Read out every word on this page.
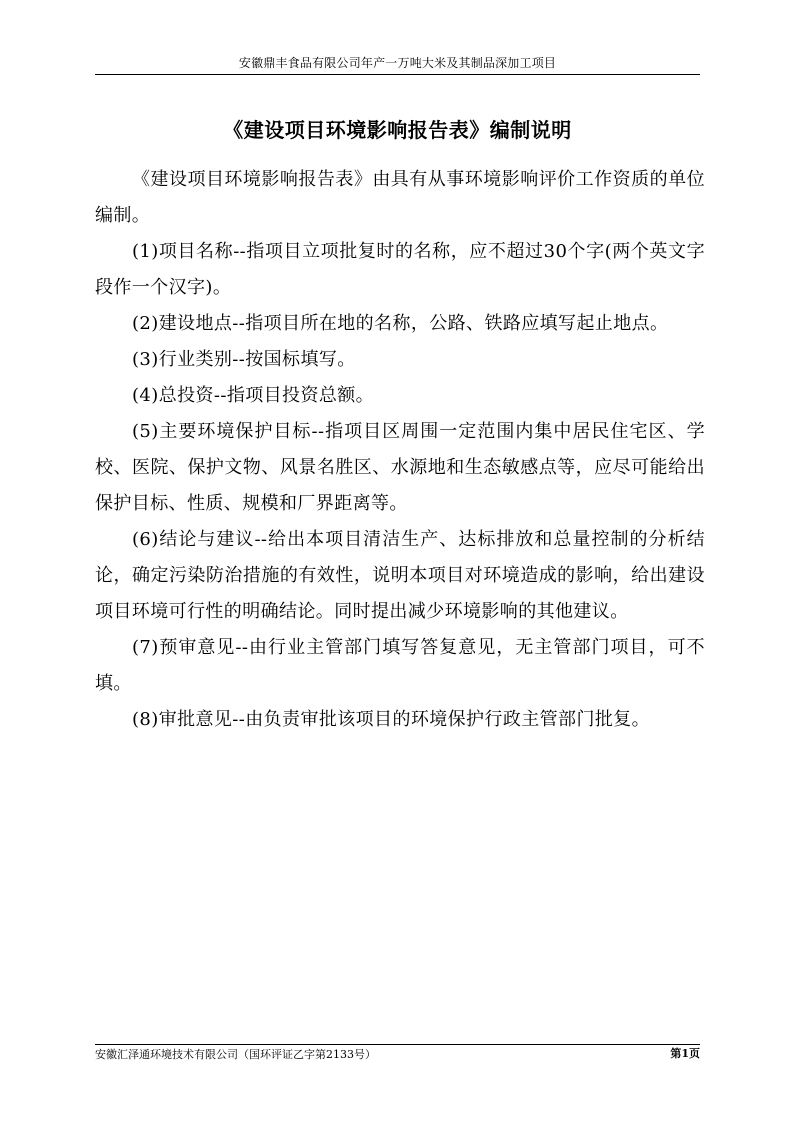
安徽鼎丰食品有限公司年产一万吨大米及其制品深加工项目
《建设项目环境影响报告表》编制说明

《建设项目环境影响报告表》由具有从事环境影响评价工作资质的单位编制。

(1)项目名称--指项目立项批复时的名称，应不超过30个字(两个英文字段作一个汉字)。

(2)建设地点--指项目所在地的名称，公路、铁路应填写起止地点。

(3)行业类别--按国标填写。

(4)总投资--指项目投资总额。

(5)主要环境保护目标--指项目区周围一定范围内集中居民住宅区、学校、医院、保护文物、风景名胜区、水源地和生态敏感点等，应尽可能给出保护目标、性质、规模和厂界距离等。

(6)结论与建议--给出本项目清洁生产、达标排放和总量控制的分析结论，确定污染防治措施的有效性，说明本项目对环境造成的影响，给出建设项目环境可行性的明确结论。同时提出减少环境影响的其他建议。

(7)预审意见--由行业主管部门填写答复意见，无主管部门项目，可不填。

(8)审批意见--由负责审批该项目的环境保护行政主管部门批复。

安徽汇泽通环境技术有限公司（国环评证乙字第2133号）	第1页
